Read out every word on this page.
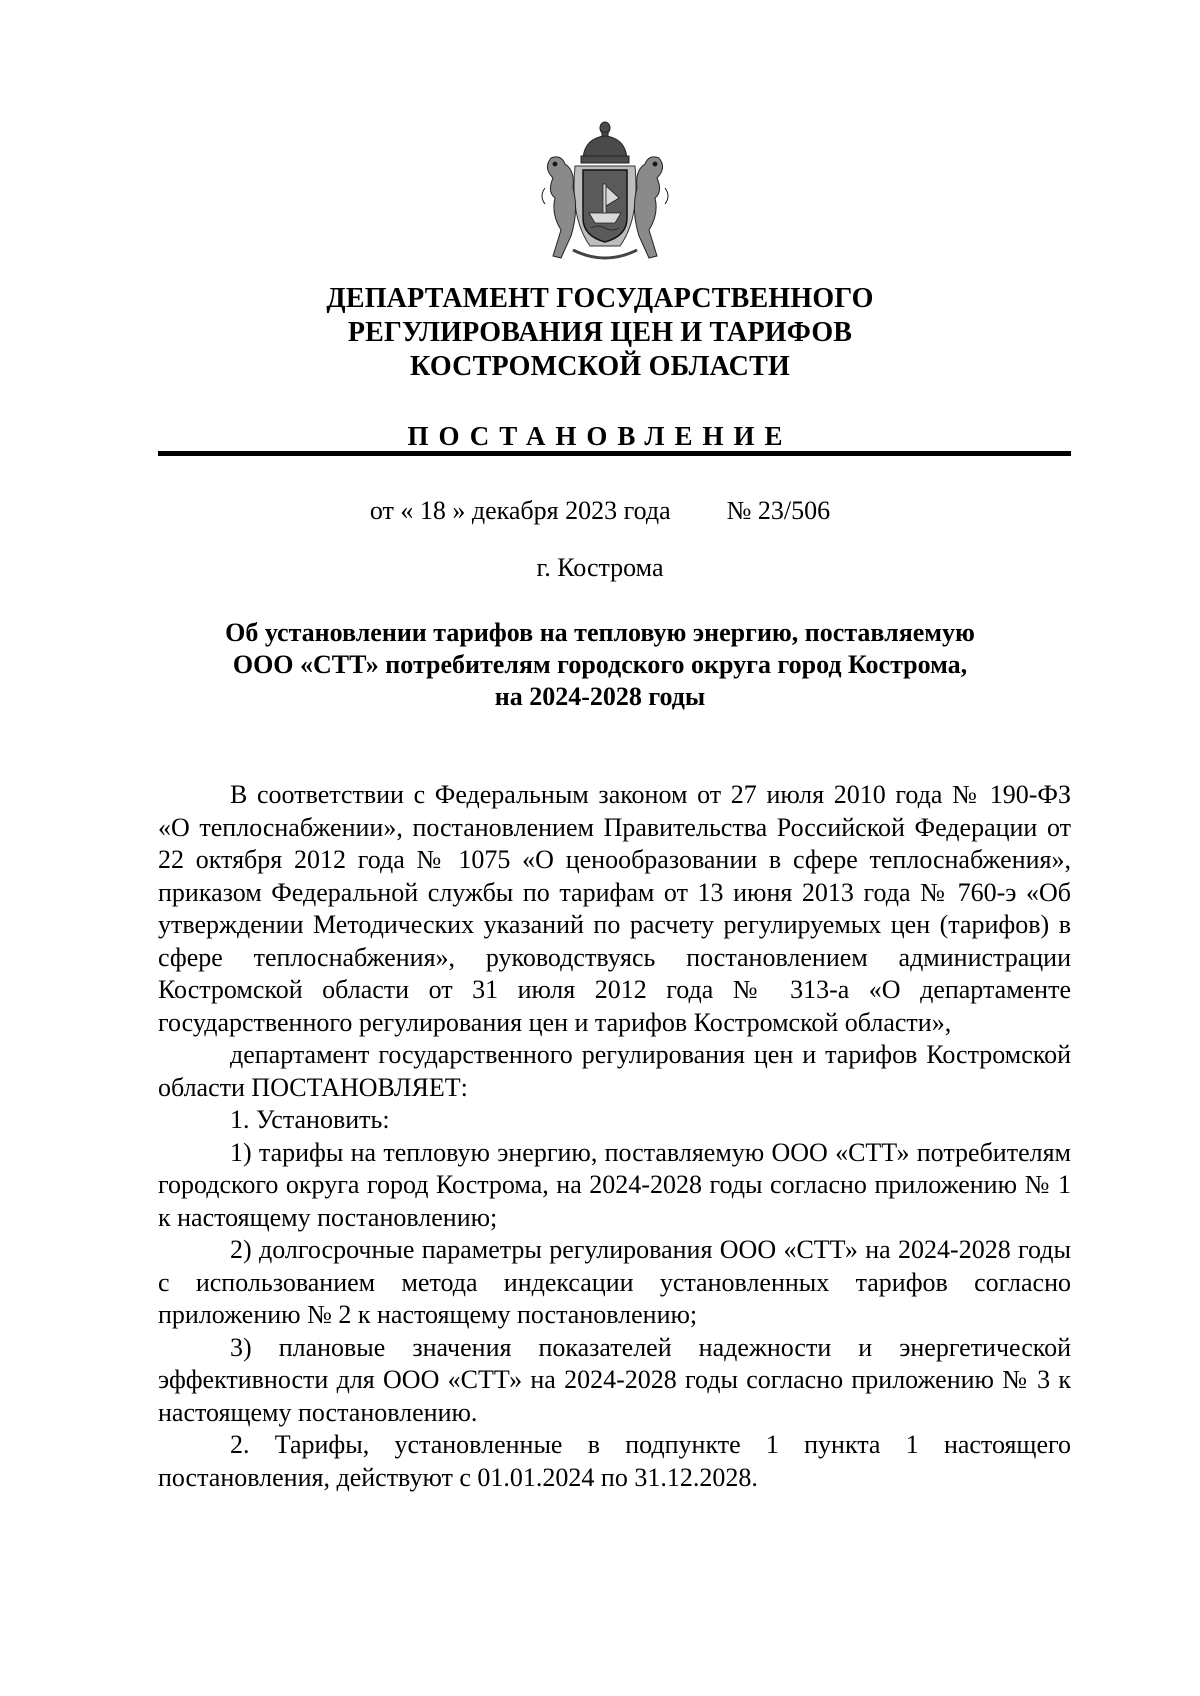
ДЕПАРТАМЕНТ ГОСУДАРСТВЕННОГО
РЕГУЛИРОВАНИЯ ЦЕН И ТАРИФОВ
КОСТРОМСКОЙ ОБЛАСТИ
ПОСТАНОВЛЕНИЕ
от « 18 » декабря 2023 года № 23/506
г. Кострома
Об установлении тарифов на тепловую энергию, поставляемую
ООО «СТТ» потребителям городского округа город Кострома,
на 2024-2028 годы

В соответствии с Федеральным законом от 27 июля 2010 года № 190-ФЗ «О теплоснабжении», постановлением Правительства Российской Федерации от 22 октября 2012 года № 1075 «О ценообразовании в сфере теплоснабжения», приказом Федеральной службы по тарифам от 13 июня 2013 года № 760-э «Об утверждении Методических указаний по расчету регулируемых цен (тарифов) в сфере теплоснабжения», руководствуясь постановлением администрации Костромской области от 31 июля 2012 года № 313-а «О департаменте государственного регулирования цен и тарифов Костромской области»,

департамент государственного регулирования цен и тарифов Костромской области ПОСТАНОВЛЯЕТ:

1. Установить:

1) тарифы на тепловую энергию, поставляемую ООО «СТТ» потребителям городского округа город Кострома, на 2024-2028 годы согласно приложению № 1 к настоящему постановлению;

2) долгосрочные параметры регулирования ООО «СТТ» на 2024-2028 годы с использованием метода индексации установленных тарифов согласно приложению № 2 к настоящему постановлению;

3) плановые значения показателей надежности и энергетической эффективности для ООО «СТТ» на 2024-2028 годы согласно приложению № 3 к настоящему постановлению.

2. Тарифы, установленные в подпункте 1 пункта 1 настоящего постановления, действуют с 01.01.2024 по 31.12.2028.
